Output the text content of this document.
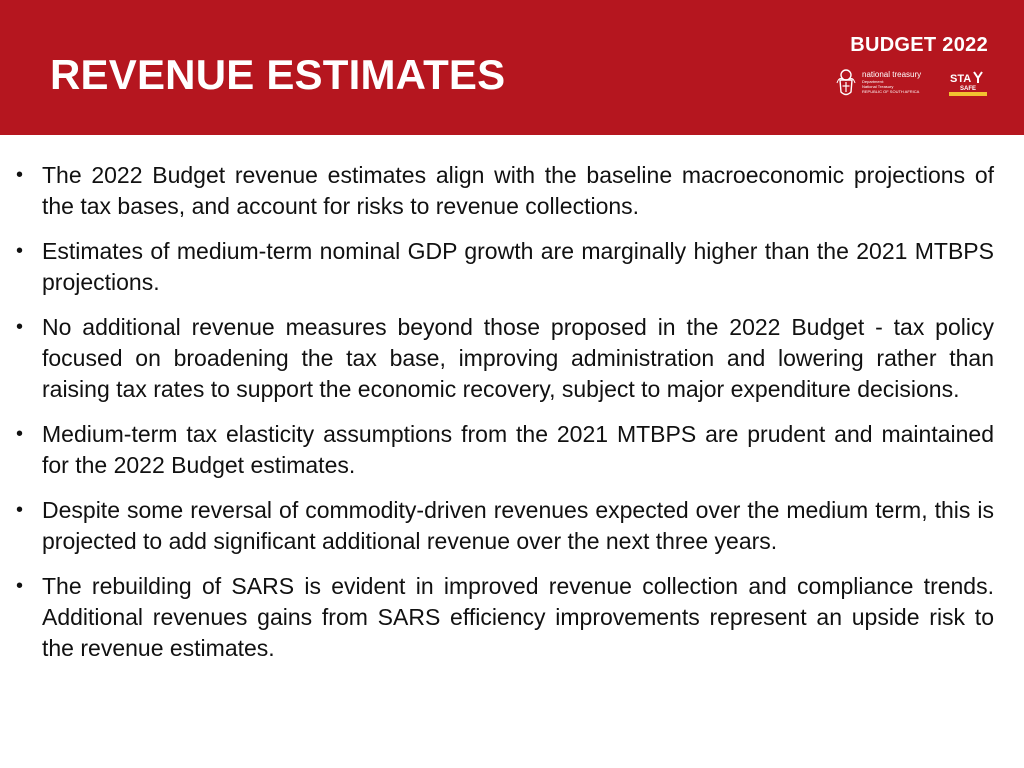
REVENUE ESTIMATES
BUDGET 2022
national treasury
Department:
National Treasury
REPUBLIC OF SOUTH AFRICA
STA
SAFE
• The 2022 Budget revenue estimates align with the baseline macroeconomic projections of the tax bases, and account for risks to revenue collections.
• Estimates of medium-term nominal GDP growth are marginally higher than the 2021 MTBPS projections.
• No additional revenue measures beyond those proposed in the 2022 Budget - tax policy focused on broadening the tax base, improving administration and lowering rather than raising tax rates to support the economic recovery, subject to major expenditure decisions.
• Medium-term tax elasticity assumptions from the 2021 MTBPS are prudent and maintained for the 2022 Budget estimates.
• Despite some reversal of commodity-driven revenues expected over the medium term, this is projected to add significant additional revenue over the next three years.
• The rebuilding of SARS is evident in improved revenue collection and compliance trends. Additional revenues gains from SARS efficiency improvements represent an upside risk to the revenue estimates.
